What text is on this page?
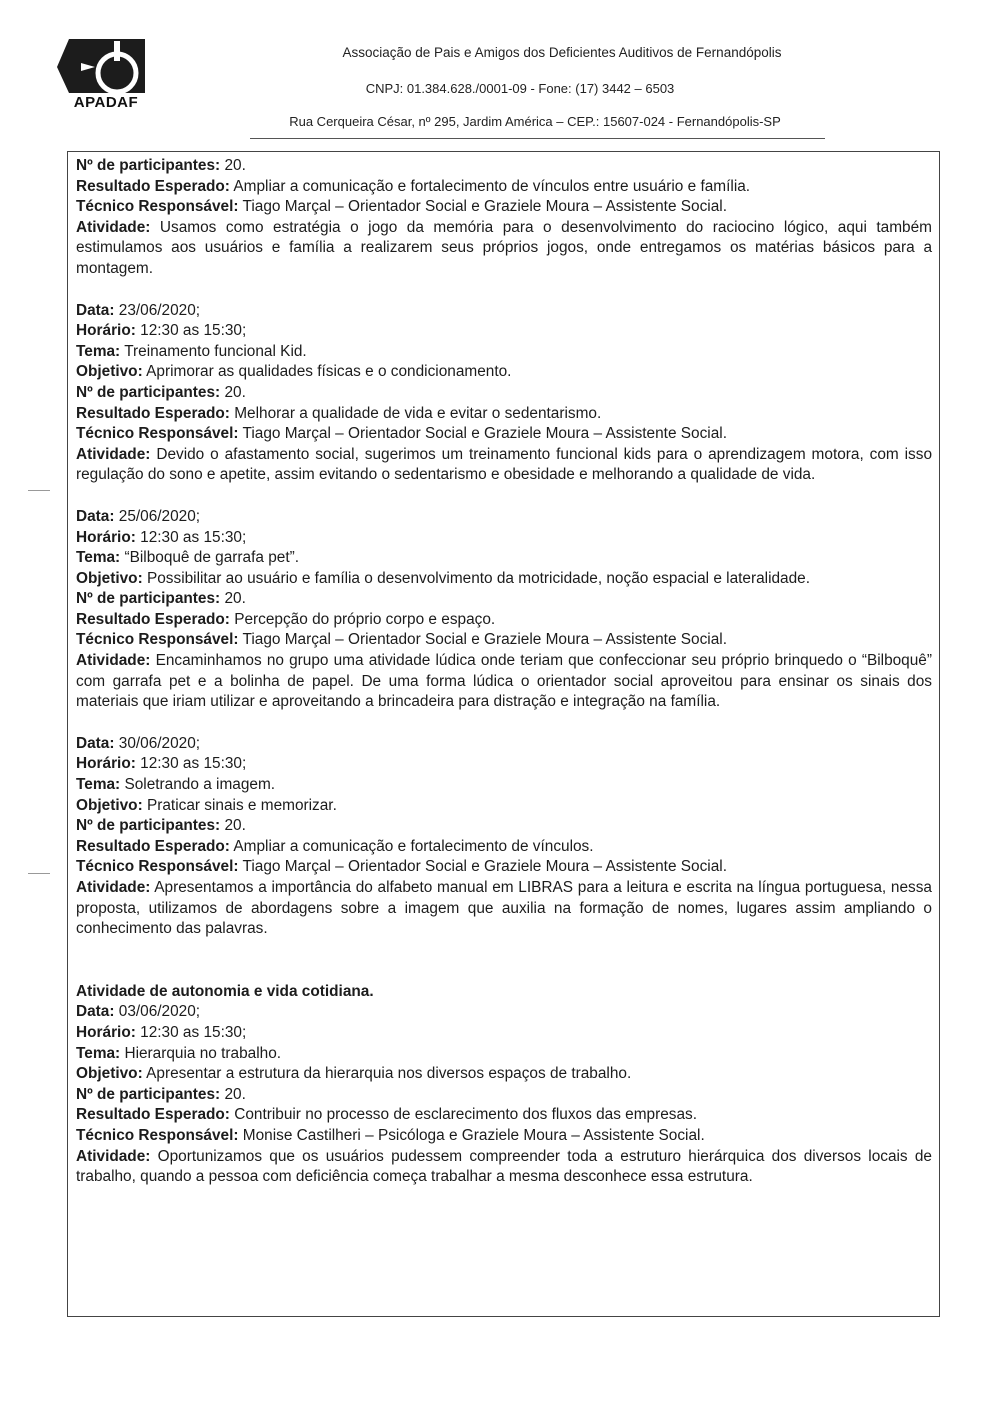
APADAF
Associação de Pais e Amigos dos Deficientes Auditivos de Fernandópolis
CNPJ: 01.384.628./0001-09 - Fone: (17) 3442 – 6503
Rua Cerqueira César, nº 295, Jardim América – CEP.: 15607-024 - Fernandópolis-SP

Nº de participantes: 20.

Resultado Esperado: Ampliar a comunicação e fortalecimento de vínculos entre usuário e família.

Técnico Responsável: Tiago Marçal – Orientador Social e Graziele Moura – Assistente Social.

Atividade: Usamos como estratégia o jogo da memória para o desenvolvimento do raciocino lógico, aqui também estimulamos aos usuários e família a realizarem seus próprios jogos, onde entregamos os matérias básicos para a montagem.

Data: 23/06/2020;

Horário: 12:30 as 15:30;

Tema: Treinamento funcional Kid.

Objetivo: Aprimorar as qualidades físicas e o condicionamento.

Nº de participantes: 20.

Resultado Esperado: Melhorar a qualidade de vida e evitar o sedentarismo.

Técnico Responsável: Tiago Marçal – Orientador Social e Graziele Moura – Assistente Social.

Atividade: Devido o afastamento social, sugerimos um treinamento funcional kids para o aprendizagem motora, com isso regulação do sono e apetite, assim evitando o sedentarismo e obesidade e melhorando a qualidade de vida.

Data: 25/06/2020;

Horário: 12:30 as 15:30;

Tema: “Bilboquê de garrafa pet”.

Objetivo: Possibilitar ao usuário e família o desenvolvimento da motricidade, noção espacial e lateralidade.

Nº de participantes: 20.

Resultado Esperado: Percepção do próprio corpo e espaço.

Técnico Responsável: Tiago Marçal – Orientador Social e Graziele Moura – Assistente Social.

Atividade: Encaminhamos no grupo uma atividade lúdica onde teriam que confeccionar seu próprio brinquedo o “Bilboquê” com garrafa pet e a bolinha de papel. De uma forma lúdica o orientador social aproveitou para ensinar os sinais dos materiais que iriam utilizar e aproveitando a brincadeira para distração e integração na família.

Data: 30/06/2020;

Horário: 12:30 as 15:30;

Tema: Soletrando a imagem.

Objetivo: Praticar sinais e memorizar.

Nº de participantes: 20.

Resultado Esperado: Ampliar a comunicação e fortalecimento de vínculos.

Técnico Responsável: Tiago Marçal – Orientador Social e Graziele Moura – Assistente Social.

Atividade: Apresentamos a importância do alfabeto manual em LIBRAS para a leitura e escrita na língua portuguesa, nessa proposta, utilizamos de abordagens sobre a imagem que auxilia na formação de nomes, lugares assim ampliando o conhecimento das palavras.

Atividade de autonomia e vida cotidiana.

Data: 03/06/2020;

Horário: 12:30 as 15:30;

Tema: Hierarquia no trabalho.

Objetivo: Apresentar a estrutura da hierarquia nos diversos espaços de trabalho.

Nº de participantes: 20.

Resultado Esperado: Contribuir no processo de esclarecimento dos fluxos das empresas.

Técnico Responsável: Monise Castilheri – Psicóloga e Graziele Moura – Assistente Social.

Atividade: Oportunizamos que os usuários pudessem compreender toda a estruturo hierárquica dos diversos locais de trabalho, quando a pessoa com deficiência começa trabalhar a mesma desconhece essa estrutura.
